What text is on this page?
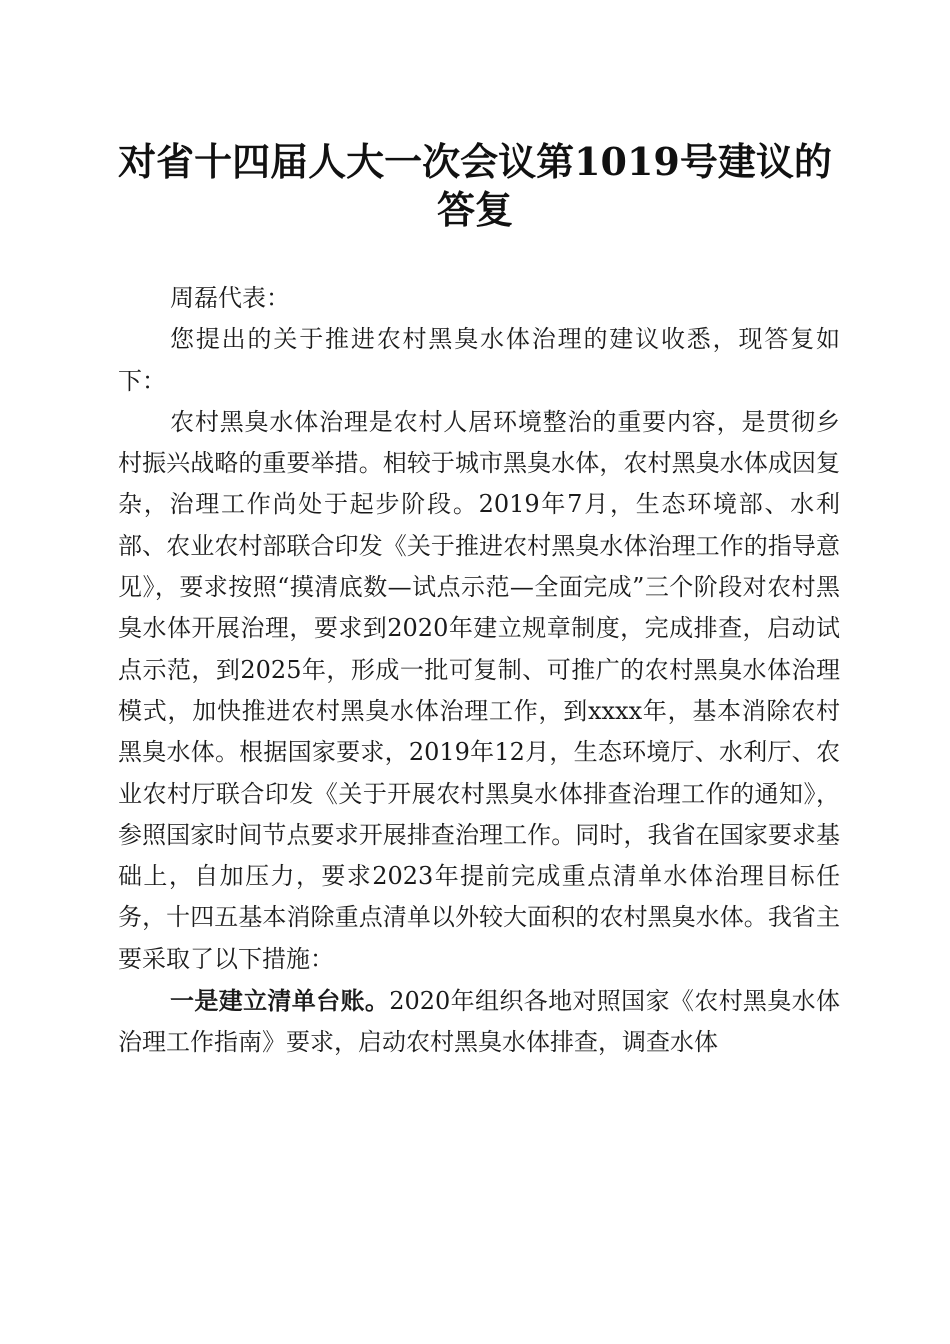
对省十四届人大一次会议第1019号建议的答复

周磊代表：

您提出的关于推进农村黑臭水体治理的建议收悉，现答复如下：

农村黑臭水体治理是农村人居环境整治的重要内容，是贯彻乡村振兴战略的重要举措。相较于城市黑臭水体，农村黑臭水体成因复杂，治理工作尚处于起步阶段。2019年7月，生态环境部、水利部、农业农村部联合印发《关于推进农村黑臭水体治理工作的指导意见》，要求按照“摸清底数—试点示范—全面完成”三个阶段对农村黑臭水体开展治理，要求到2020年建立规章制度，完成排查，启动试点示范，到2025年，形成一批可复制、可推广的农村黑臭水体治理模式，加快推进农村黑臭水体治理工作，到xxxx年，基本消除农村黑臭水体。根据国家要求，2019年12月，生态环境厅、水利厅、农业农村厅联合印发《关于开展农村黑臭水体排查治理工作的通知》，参照国家时间节点要求开展排查治理工作。同时，我省在国家要求基础上，自加压力，要求2023年提前完成重点清单水体治理目标任务，十四五基本消除重点清单以外较大面积的农村黑臭水体。我省主要采取了以下措施：

一是建立清单台账。2020年组织各地对照国家《农村黑臭水体治理工作指南》要求，启动农村黑臭水体排查，调查水体
